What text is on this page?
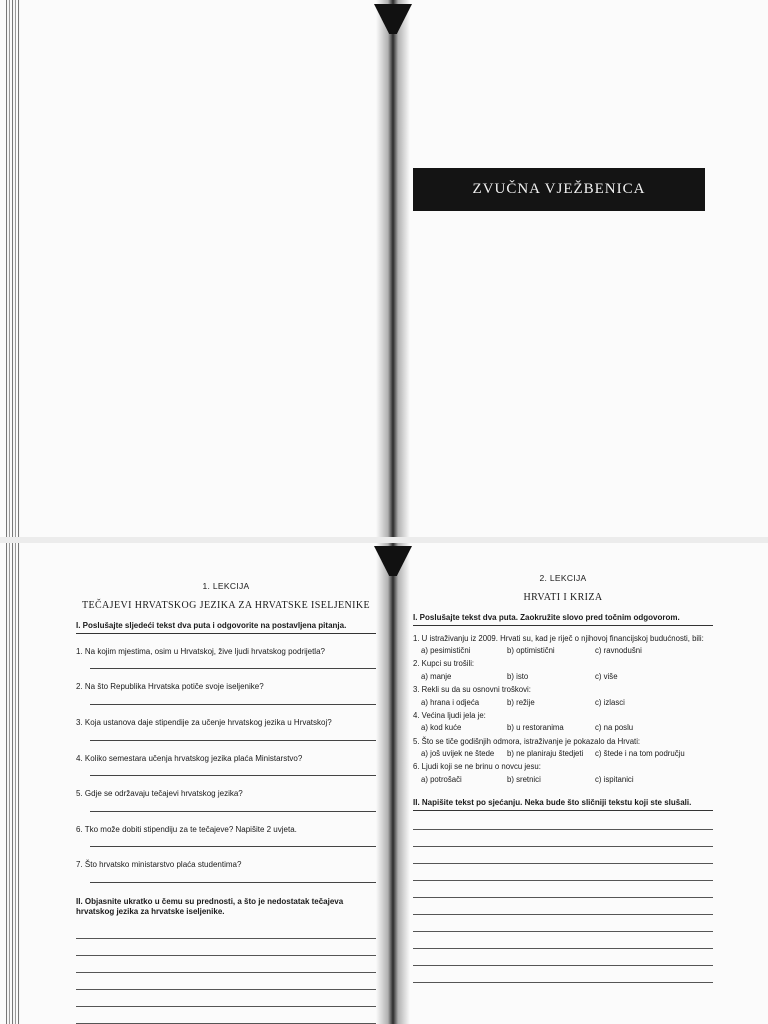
ZVUČNA VJEŽBENICA
1. LEKCIJA
TEČAJEVI HRVATSKOG JEZIKA ZA HRVATSKE ISELJENIKE
I. Poslušajte sljedeći tekst dva puta i odgovorite na postavljena pitanja.
1. Na kojim mjestima, osim u Hrvatskoj, žive ljudi hrvatskog podrijetla?
2. Na što Republika Hrvatska potiče svoje iseljenike?
3. Koja ustanova daje stipendije za učenje hrvatskog jezika u Hrvatskoj?
4. Koliko semestara učenja hrvatskog jezika plaća Ministarstvo?
5. Gdje se održavaju tečajevi hrvatskog jezika?
6. Tko može dobiti stipendiju za te tečajeve? Napišite 2 uvjeta.
7. Što hrvatsko ministarstvo plaća studentima?
II. Objasnite ukratko u čemu su prednosti, a što je nedostatak tečajeva hrvatskog jezika za hrvatske iseljenike.
2. LEKCIJA
HRVATI I KRIZA
I. Poslušajte tekst dva puta. Zaokružite slovo pred točnim odgovorom.
1. U istraživanju iz 2009. Hrvati su, kad je riječ o njihovoj financijskoj budućnosti, bili:
a) pesimistični	b) optimistični	c) ravnodušni
2. Kupci su trošili:
a) manje	b) isto	c) više
3. Rekli su da su osnovni troškovi:
a) hrana i odjeća	b) režije	c) izlasci
4. Većina ljudi jela je:
a) kod kuće	b) u restoranima	c) na poslu
5. Što se tiče godišnjih odmora, istraživanje je pokazalo da Hrvati:
a) još uvijek ne štede	b) ne planiraju štedjeti	c) štede i na tom području
6. Ljudi koji se ne brinu o novcu jesu:
a) potrošači	b) sretnici	c) ispitanici
II. Napišite tekst po sjećanju. Neka bude što sličniji tekstu koji ste slušali.
